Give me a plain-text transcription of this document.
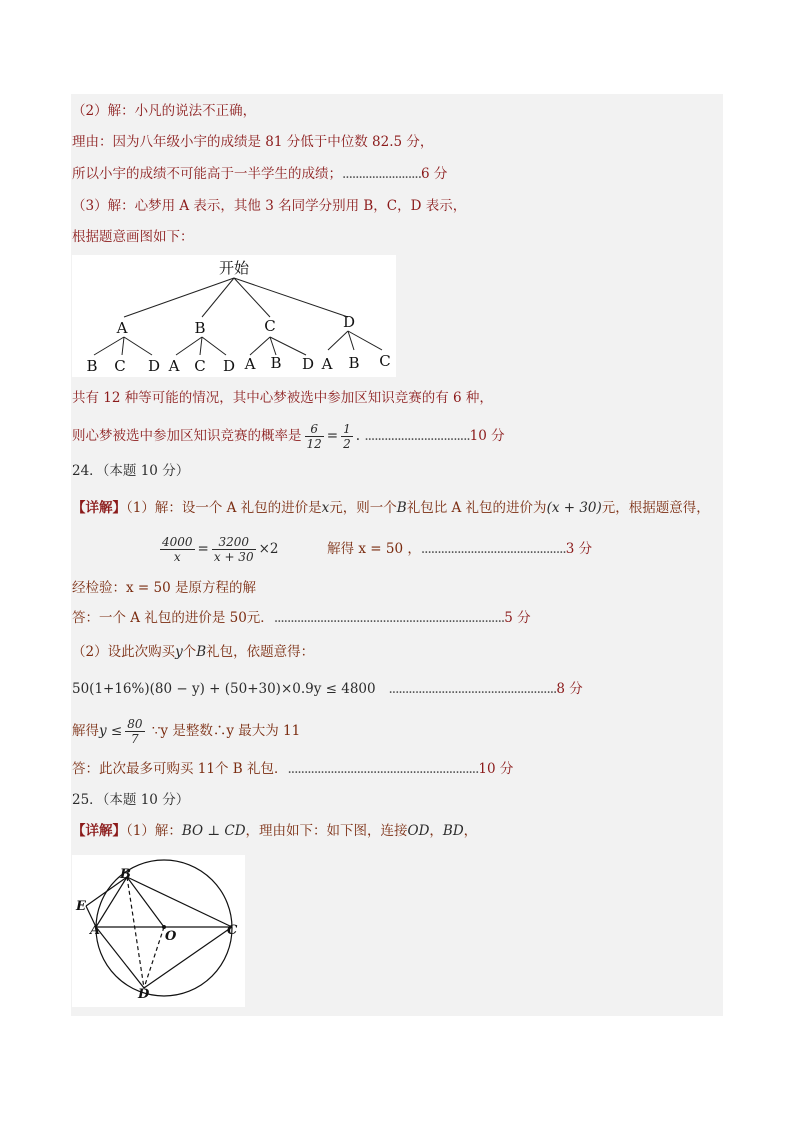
（2）解：小凡的说法不正确，
理由：因为八年级小宇的成绩是 81 分低于中位数 82.5 分，
所以小宇的成绩不可能高于一半学生的成绩；........................6 分
（3）解：心梦用 A 表示，其他 3 名同学分别用 B，C，D 表示，
根据题意画图如下：
开始
A	B	C	D
B C D A C D A B D A B C
共有 12 种等可能的情况，其中心梦被选中参加区知识竞赛的有 6 种，
则心梦被选中参加区知识竞赛的概率是 $\frac{6}{12} = \frac{1}{2}$ . ................................10 分
24．（本题 10 分）
【详解】（1）解：设一个 A 礼包的进价是x元，则一个B礼包比 A 礼包的进价为(x + 30)元，根据题意得，
$\frac{4000}{x} = \frac{3200}{x + 30} \times 2$	解得 x = 50 ，............................................3 分
经检验：x = 50 是原方程的解
答：一个 A 礼包的进价是 50元．......................................................................5 分
（2）设此次购买y个B礼包，依题意得：
50(1+16%)(80 − y) + (50+30)×0.9y ≤ 4800 ...................................................8 分
解得$y \le \frac{80}{7}$ ∵y 是整数∴y 最大为 11
答：此次最多可购买 11个 B 礼包．..........................................................10 分
25．（本题 10 分）
【详解】（1）解：BO ⊥ CD，理由如下：如下图，连接OD，BD，
B
E
A	O	C
D
